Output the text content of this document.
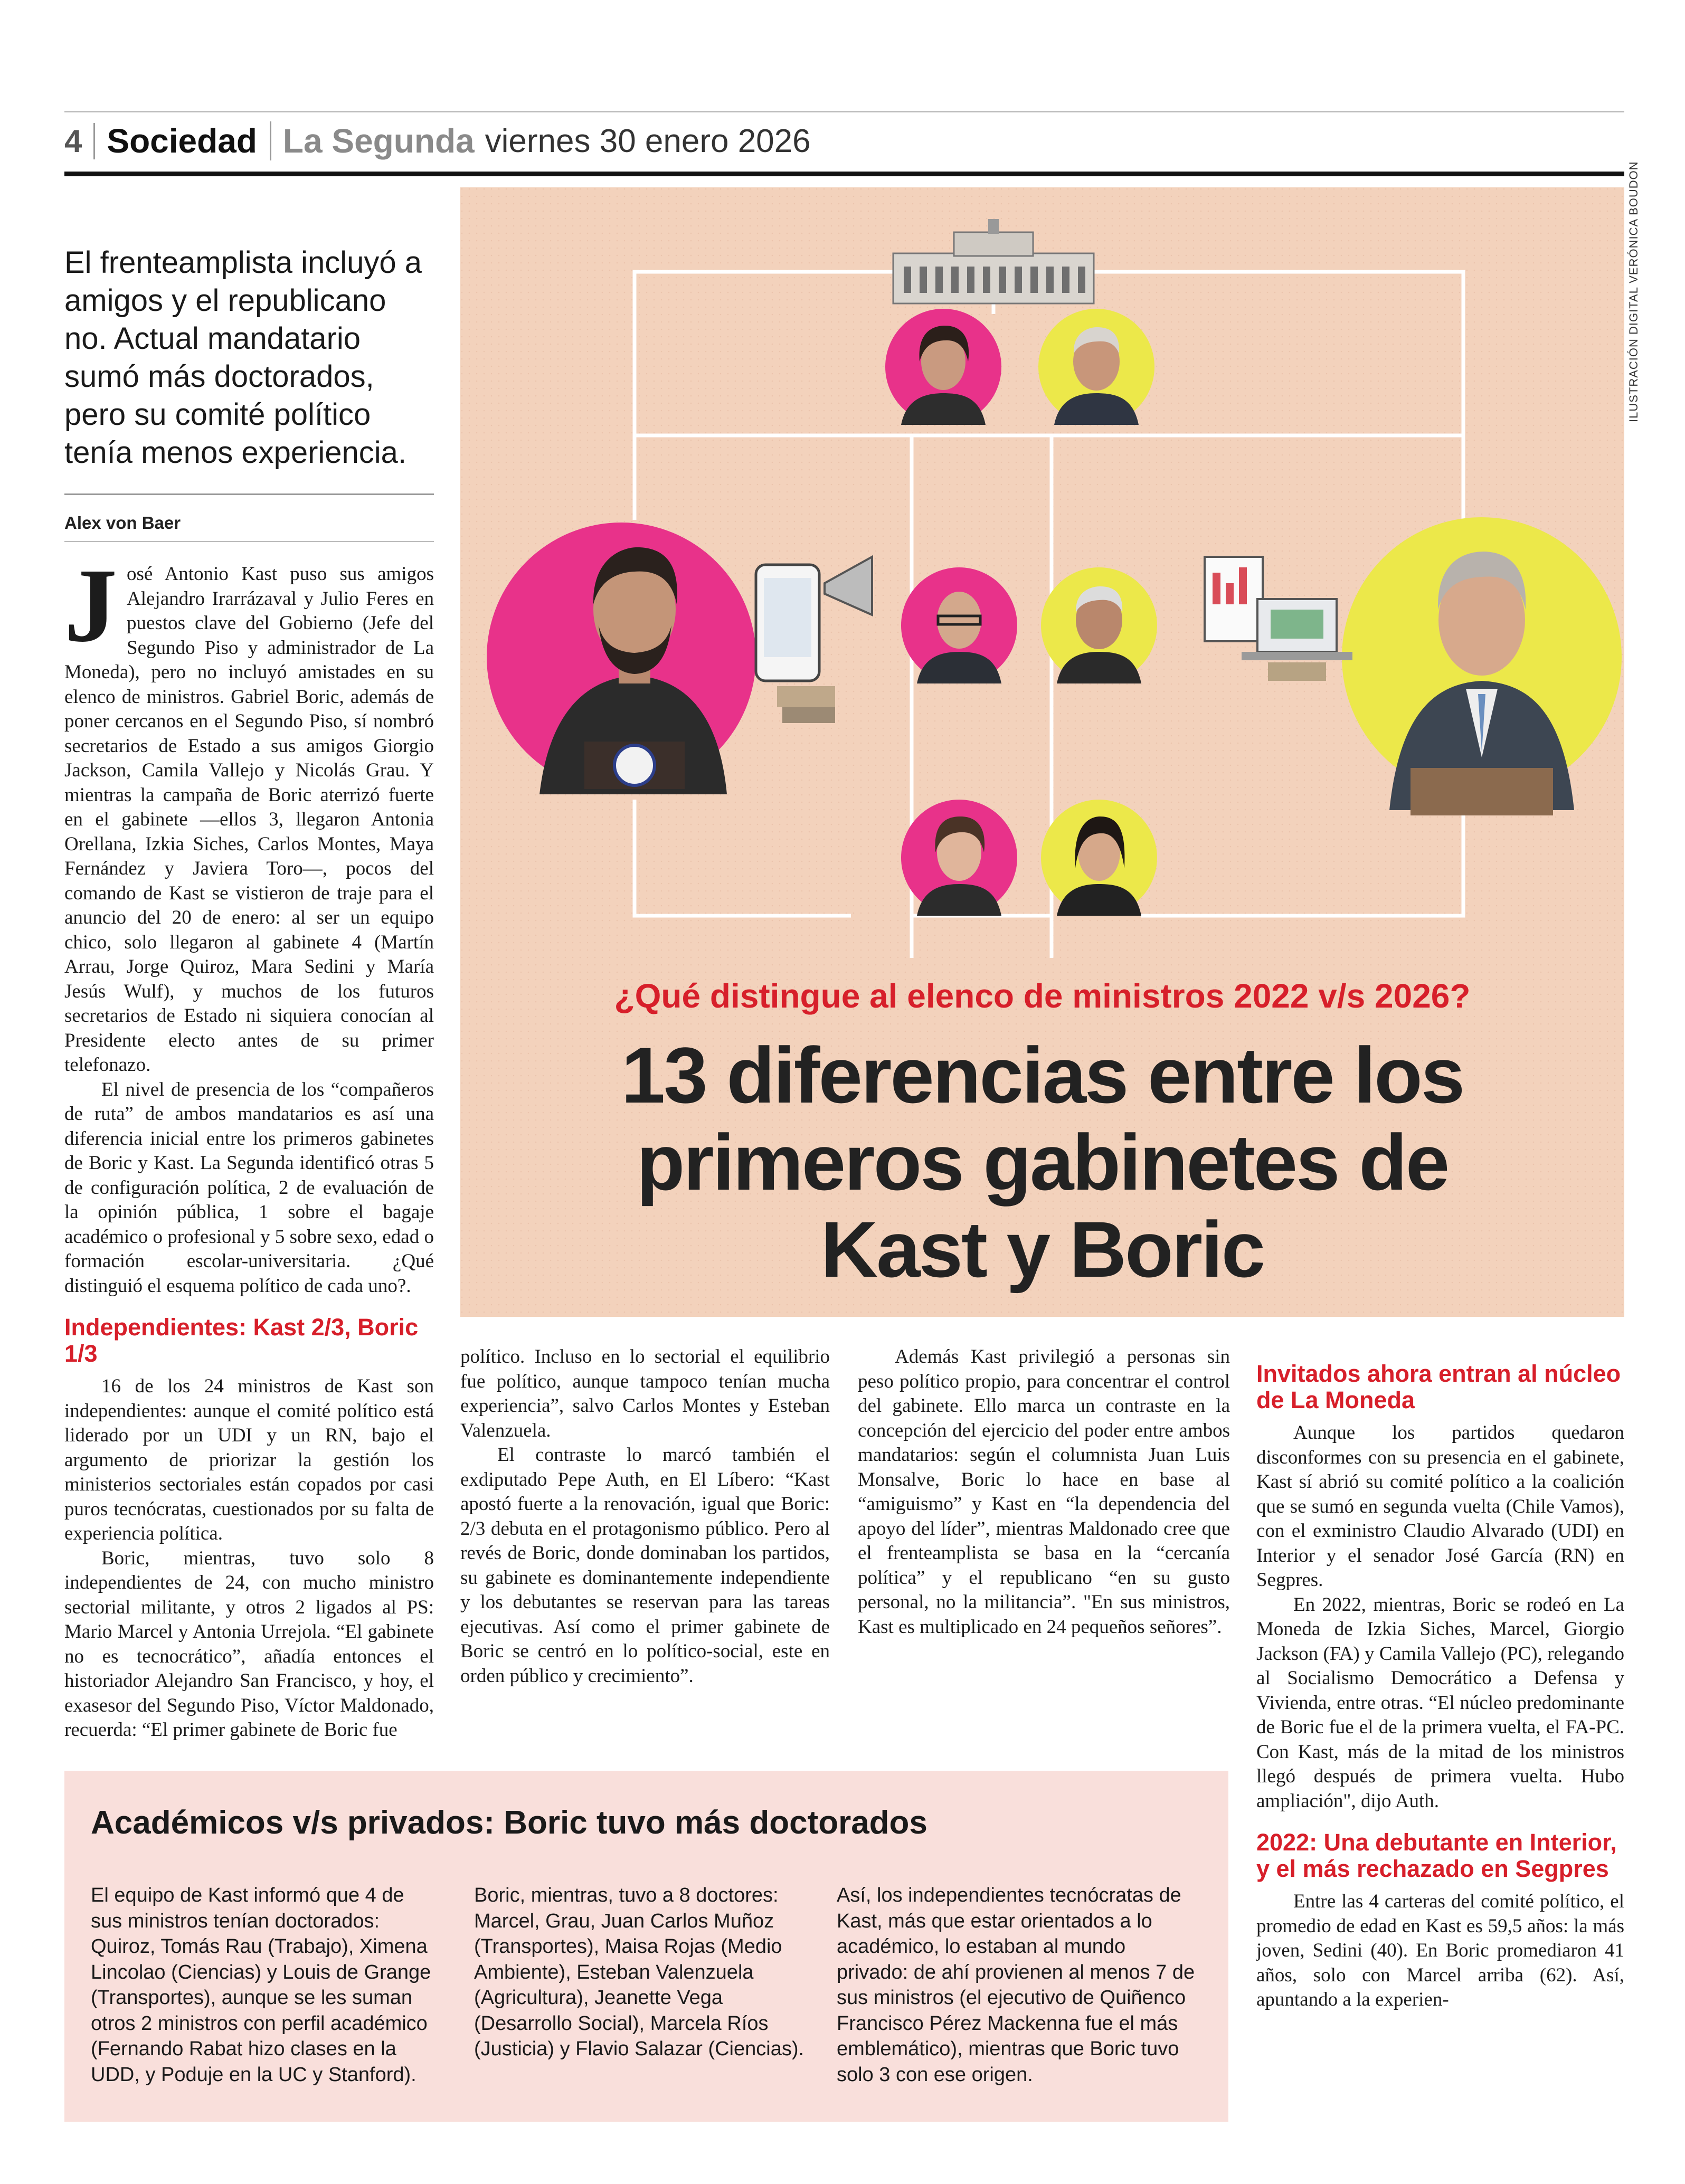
4 Sociedad La Segunda viernes 30 enero 2026
ILUSTRACIÓN DIGITAL VERÓNICA BOUDON
¿Qué distingue al elenco de ministros 2022 v/s 2026?
13 diferencias entre los
primeros gabinetes de
Kast y Boric
El frenteamplista incluyó a amigos y el republicano no. Actual mandatario sumó más doctorados, pero su comité político tenía menos experiencia.
Alex von Baer

José Antonio Kast puso sus amigos Alejandro Irarrázaval y Julio Feres en puestos clave del Gobierno (Jefe del Segundo Piso y administrador de La Moneda), pero no incluyó amistades en su elenco de ministros. Gabriel Boric, además de poner cercanos en el Segundo Piso, sí nombró secretarios de Estado a sus amigos Giorgio Jackson, Camila Vallejo y Nicolás Grau. Y mientras la campaña de Boric aterrizó fuerte en el gabinete —ellos 3, llegaron Antonia Orellana, Izkia Siches, Carlos Montes, Maya Fernández y Javiera Toro—, pocos del comando de Kast se vistieron de traje para el anuncio del 20 de enero: al ser un equipo chico, solo llegaron al gabinete 4 (Martín Arrau, Jorge Quiroz, Mara Sedini y María Jesús Wulf), y muchos de los futuros secretarios de Estado ni siquiera conocían al Presidente electo antes de su primer telefonazo.

El nivel de presencia de los “compañeros de ruta” de ambos mandatarios es así una diferencia inicial entre los primeros gabinetes de Boric y Kast. La Segunda identificó otras 5 de configuración política, 2 de evaluación de la opinión pública, 1 sobre el bagaje académico o profesional y 5 sobre sexo, edad o formación escolar-universitaria. ¿Qué distinguió el esquema político de cada uno?.

Independientes: Kast 2/3, Boric 1/3

16 de los 24 ministros de Kast son independientes: aunque el comité político está liderado por un UDI y un RN, bajo el argumento de priorizar la gestión los ministerios sectoriales están copados por casi puros tecnócratas, cuestionados por su falta de experiencia política.

Boric, mientras, tuvo solo 8 independientes de 24, con mucho ministro sectorial militante, y otros 2 ligados al PS: Mario Marcel y Antonia Urrejola. “El gabinete no es tecnocrático”, añadía entonces el historiador Alejandro San Francisco, y hoy, el exasesor del Segundo Piso, Víctor Maldonado, recuerda: “El primer gabinete de Boric fue

político. Incluso en lo sectorial el equilibrio fue político, aunque tampoco tenían mucha experiencia”, salvo Carlos Montes y Esteban Valenzuela.

El contraste lo marcó también el exdiputado Pepe Auth, en El Líbero: “Kast apostó fuerte a la renovación, igual que Boric: 2/3 debuta en el protagonismo público. Pero al revés de Boric, donde dominaban los partidos, su gabinete es dominantemente independiente y los debutantes se reservan para las tareas ejecutivas. Así como el primer gabinete de Boric se centró en lo político-social, este en orden público y crecimiento”.

Además Kast privilegió a personas sin peso político propio, para concentrar el control del gabinete. Ello marca un contraste en la concepción del ejercicio del poder entre ambos mandatarios: según el columnista Juan Luis Monsalve, Boric lo hace en base al “amiguismo” y Kast en “la dependencia del apoyo del líder”, mientras Maldonado cree que el frenteamplista se basa en la “cercanía política” y el republicano “en su gusto personal, no la militancia”. "En sus ministros, Kast es multiplicado en 24 pequeños señores”.

Invitados ahora entran al núcleo de La Moneda

Aunque los partidos quedaron disconformes con su presencia en el gabinete, Kast sí abrió su comité político a la coalición que se sumó en segunda vuelta (Chile Vamos), con el exministro Claudio Alvarado (UDI) en Interior y el senador José García (RN) en Segpres.

En 2022, mientras, Boric se rodeó en La Moneda de Izkia Siches, Marcel, Giorgio Jackson (FA) y Camila Vallejo (PC), relegando al Socialismo Democrático a Defensa y Vivienda, entre otras. “El núcleo predominante de Boric fue el de la primera vuelta, el FA-PC. Con Kast, más de la mitad de los ministros llegó después de primera vuelta. Hubo ampliación", dijo Auth.

2022: Una debutante en Interior, y el más rechazado en Segpres

Entre las 4 carteras del comité político, el promedio de edad en Kast es 59,5 años: la más joven, Sedini (40). En Boric promediaron 41 años, solo con Marcel arriba (62). Así, apuntando a la experien-

Académicos v/s privados: Boric tuvo más doctorados

El equipo de Kast informó que 4 de sus ministros tenían doctorados: Quiroz, Tomás Rau (Trabajo), Ximena Lincolao (Ciencias) y Louis de Grange (Transportes), aunque se les suman otros 2 ministros con perfil académico (Fernando Rabat hizo clases en la UDD, y Poduje en la UC y Stanford).

Boric, mientras, tuvo a 8 doctores: Marcel, Grau, Juan Carlos Muñoz (Transportes), Maisa Rojas (Medio Ambiente), Esteban Valenzuela (Agricultura), Jeanette Vega (Desarrollo Social), Marcela Ríos (Justicia) y Flavio Salazar (Ciencias).

Así, los independientes tecnócratas de Kast, más que estar orientados a lo académico, lo estaban al mundo privado: de ahí provienen al menos 7 de sus ministros (el ejecutivo de Quiñenco Francisco Pérez Mackenna fue el más emblemático), mientras que Boric tuvo solo 3 con ese origen.
